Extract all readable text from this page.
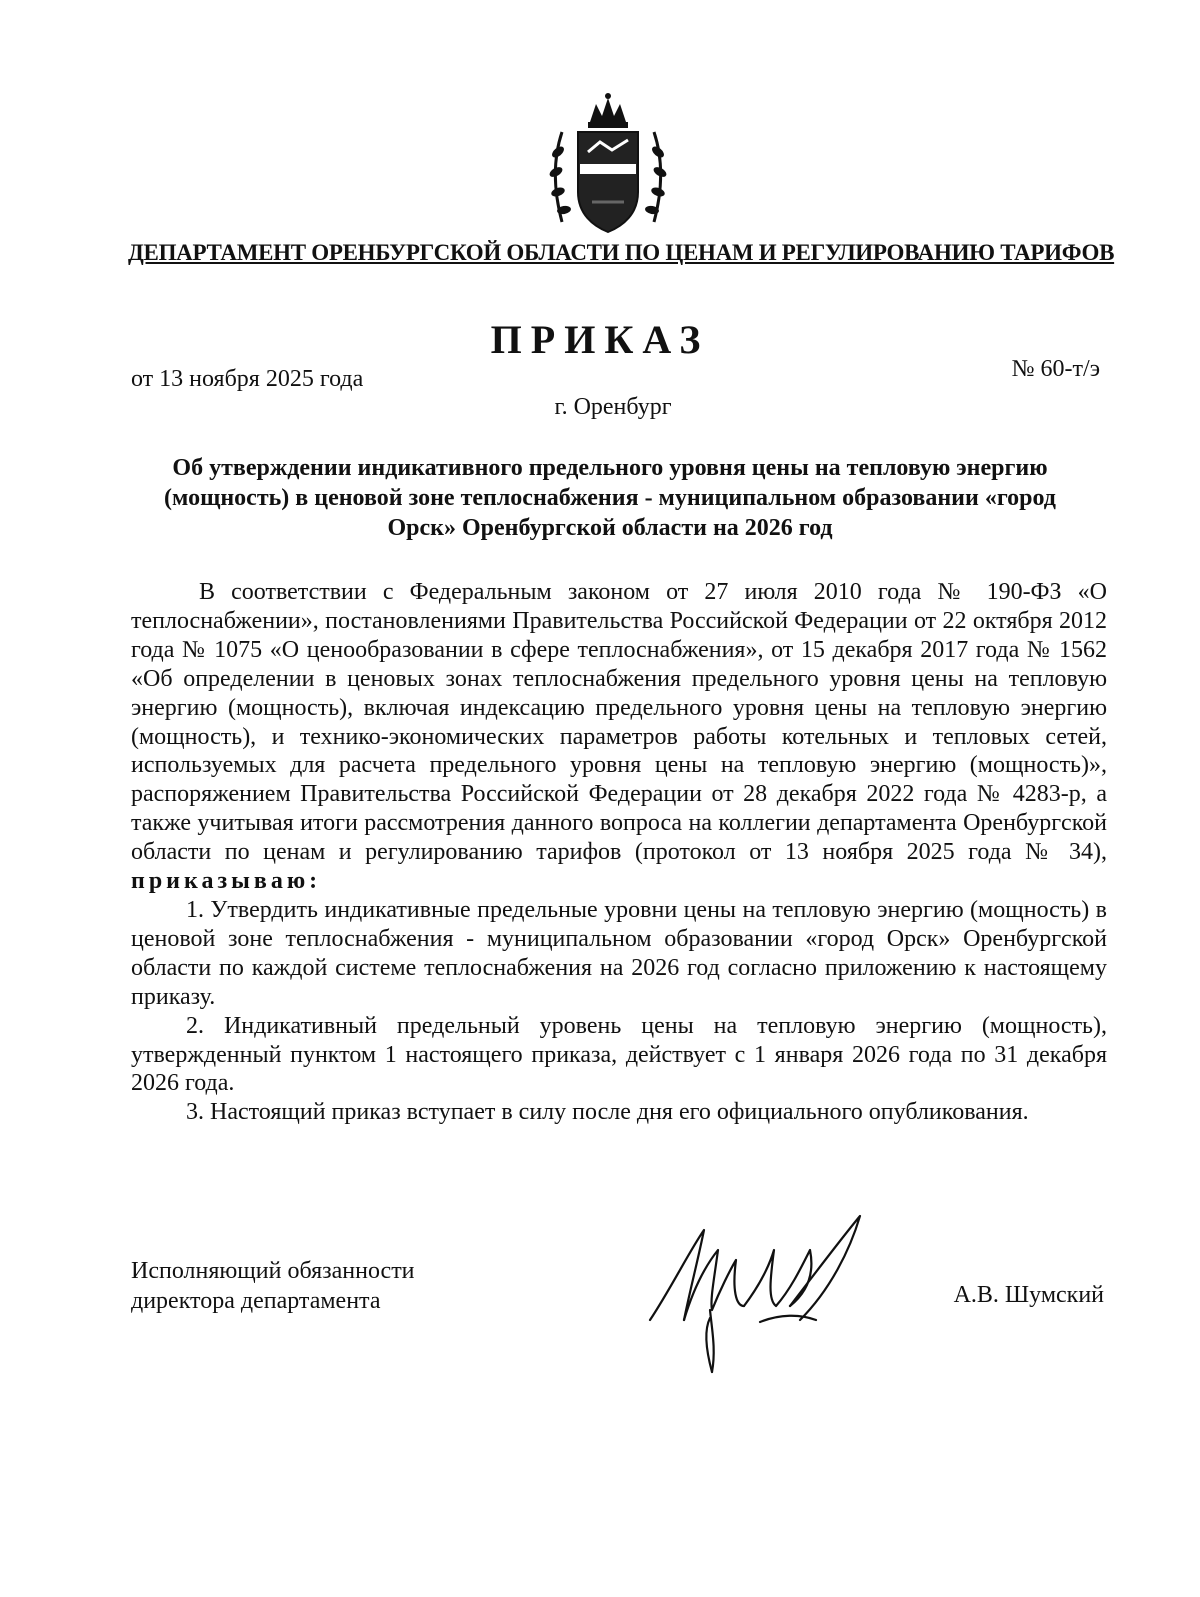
ДЕПАРТАМЕНТ ОРЕНБУРГСКОЙ ОБЛАСТИ ПО ЦЕНАМ И РЕГУЛИРОВАНИЮ ТАРИФОВ
ПРИКАЗ
от 13 ноября 2025 года	№ 60-т/э
г. Оренбург
Об утверждении индикативного предельного уровня цены на тепловую энергию (мощность) в ценовой зоне теплоснабжения - муниципальном образовании «город Орск» Оренбургской области на 2026 год

В соответствии с Федеральным законом от 27 июля 2010 года № 190-ФЗ «О теплоснабжении», постановлениями Правительства Российской Федерации от 22 октября 2012 года № 1075 «О ценообразовании в сфере теплоснабжения», от 15 декабря 2017 года № 1562 «Об определении в ценовых зонах теплоснабжения предельного уровня цены на тепловую энергию (мощность), включая индексацию предельного уровня цены на тепловую энергию (мощность), и технико-экономических параметров работы котельных и тепловых сетей, используемых для расчета предельного уровня цены на тепловую энергию (мощность)», распоряжением Правительства Российской Федерации от 28 декабря 2022 года № 4283-р, а также учитывая итоги рассмотрения данного вопроса на коллегии департамента Оренбургской области по ценам и регулированию тарифов (протокол от 13 ноября 2025 года № 34), приказываю:

1. Утвердить индикативные предельные уровни цены на тепловую энергию (мощность) в ценовой зоне теплоснабжения - муниципальном образовании «город Орск» Оренбургской области по каждой системе теплоснабжения на 2026 год согласно приложению к настоящему приказу.

2. Индикативный предельный уровень цены на тепловую энергию (мощность), утвержденный пунктом 1 настоящего приказа, действует с 1 января 2026 года по 31 декабря 2026 года.

3. Настоящий приказ вступает в силу после дня его официального опубликования.

Исполняющий обязанности
директора департамента	А.В. Шумский
